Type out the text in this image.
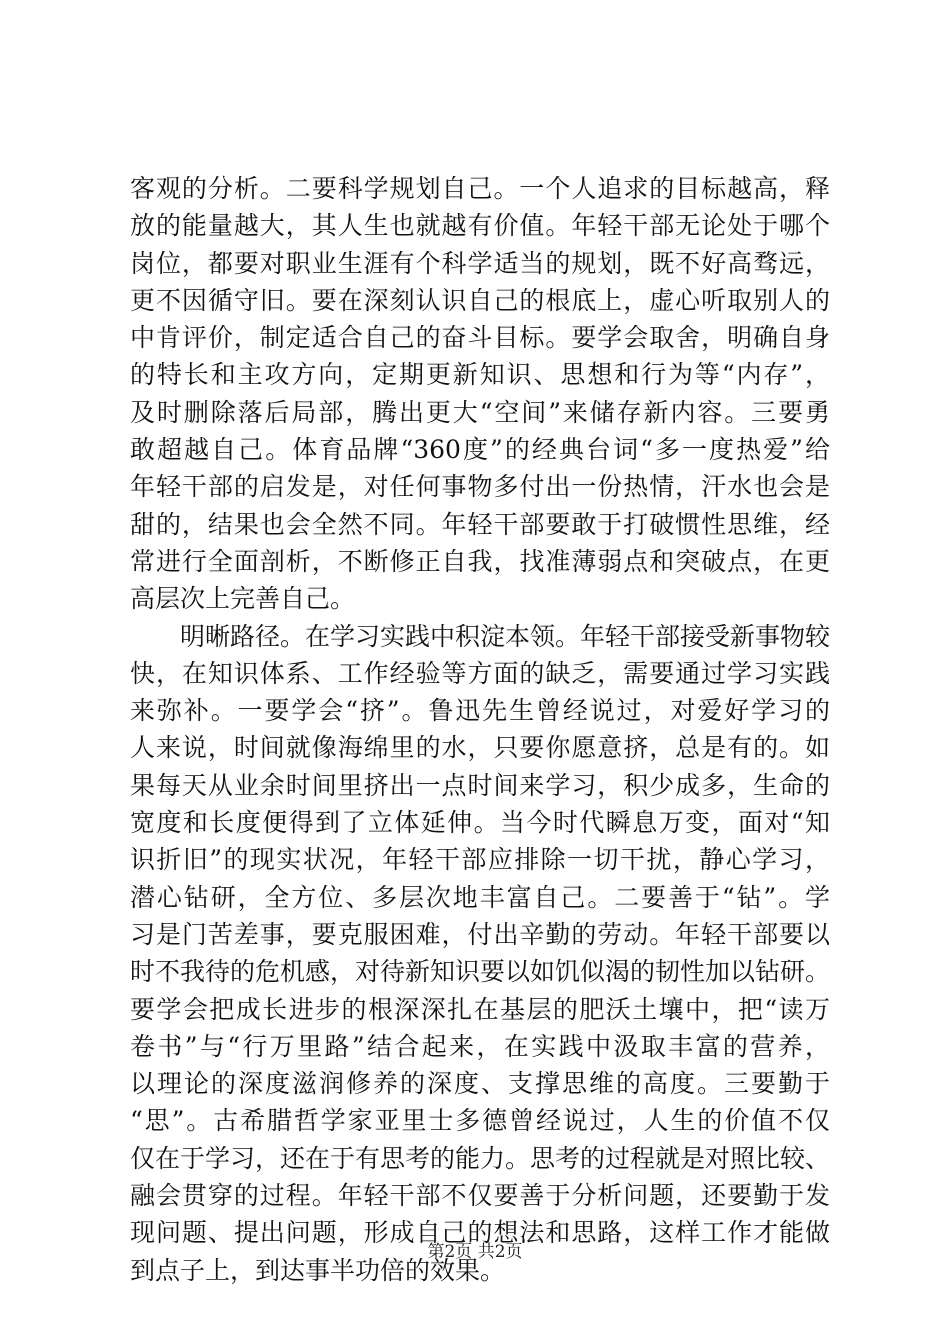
客观的分析。二要科学规划自己。一个人追求的目标越高，释
放的能量越大，其人生也就越有价值。年轻干部无论处于哪个
岗位，都要对职业生涯有个科学适当的规划，既不好高骛远，
更不因循守旧。要在深刻认识自己的根底上，虚心听取别人的
中肯评价，制定适合自己的奋斗目标。要学会取舍，明确自身
的特长和主攻方向，定期更新知识、思想和行为等“内存”，
及时删除落后局部，腾出更大“空间”来储存新内容。三要勇
敢超越自己。体育品牌“360度”的经典台词“多一度热爱”给
年轻干部的启发是，对任何事物多付出一份热情，汗水也会是
甜的，结果也会全然不同。年轻干部要敢于打破惯性思维，经
常进行全面剖析，不断修正自我，找准薄弱点和突破点，在更
高层次上完善自己。
明晰路径。在学习实践中积淀本领。年轻干部接受新事物较
快，在知识体系、工作经验等方面的缺乏，需要通过学习实践
来弥补。一要学会“挤”。鲁迅先生曾经说过，对爱好学习的
人来说，时间就像海绵里的水，只要你愿意挤，总是有的。如
果每天从业余时间里挤出一点时间来学习，积少成多，生命的
宽度和长度便得到了立体延伸。当今时代瞬息万变，面对“知
识折旧”的现实状况，年轻干部应排除一切干扰，静心学习，
潜心钻研，全方位、多层次地丰富自己。二要善于“钻”。学
习是门苦差事，要克服困难，付出辛勤的劳动。年轻干部要以
时不我待的危机感，对待新知识要以如饥似渴的韧性加以钻研。
要学会把成长进步的根深深扎在基层的肥沃土壤中，把“读万
卷书”与“行万里路”结合起来，在实践中汲取丰富的营养，
以理论的深度滋润修养的深度、支撑思维的高度。三要勤于
“思”。古希腊哲学家亚里士多德曾经说过，人生的价值不仅
仅在于学习，还在于有思考的能力。思考的过程就是对照比较、
融会贯穿的过程。年轻干部不仅要善于分析问题，还要勤于发
现问题、提出问题，形成自己的想法和思路，这样工作才能做
到点子上，到达事半功倍的效果。
第2页 共2页
